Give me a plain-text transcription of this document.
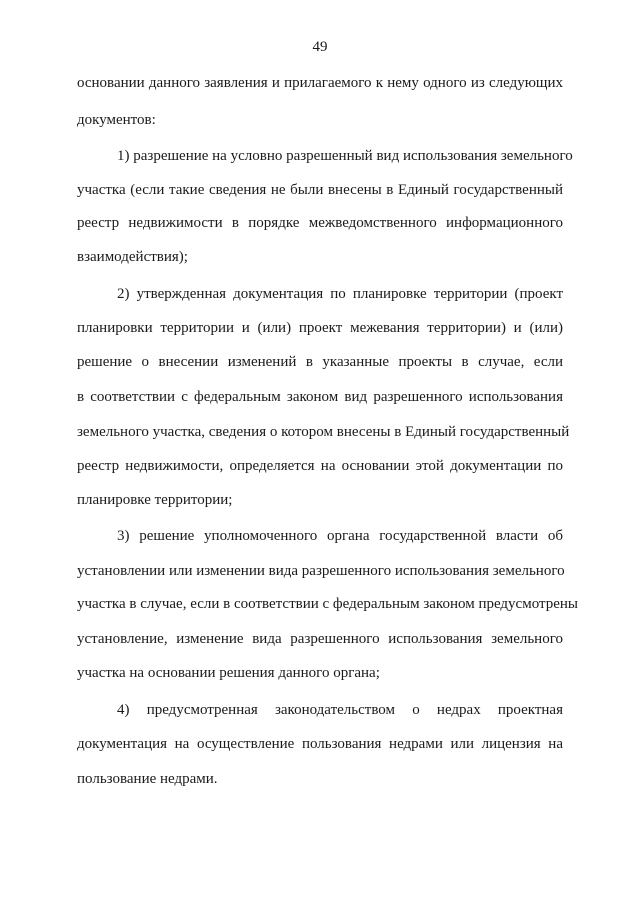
49
основании данного заявления и прилагаемого к нему одного из следующих
документов:
1) разрешение на условно разрешенный вид использования земельного
участка (если такие сведения не были внесены в Единый государственный
реестр недвижимости в порядке межведомственного информационного
взаимодействия);
2) утвержденная документация по планировке территории (проект
планировки территории и (или) проект межевания территории) и (или)
решение о внесении изменений в указанные проекты в случае, если
в соответствии с федеральным законом вид разрешенного использования
земельного участка, сведения о котором внесены в Единый государственный
реестр недвижимости, определяется на основании этой документации по
планировке территории;
3) решение уполномоченного органа государственной власти об
установлении или изменении вида разрешенного использования земельного
участка в случае, если в соответствии с федеральным законом предусмотрены
установление, изменение вида разрешенного использования земельного
участка на основании решения данного органа;
4) предусмотренная законодательством о недрах проектная
документация на осуществление пользования недрами или лицензия на
пользование недрами.
